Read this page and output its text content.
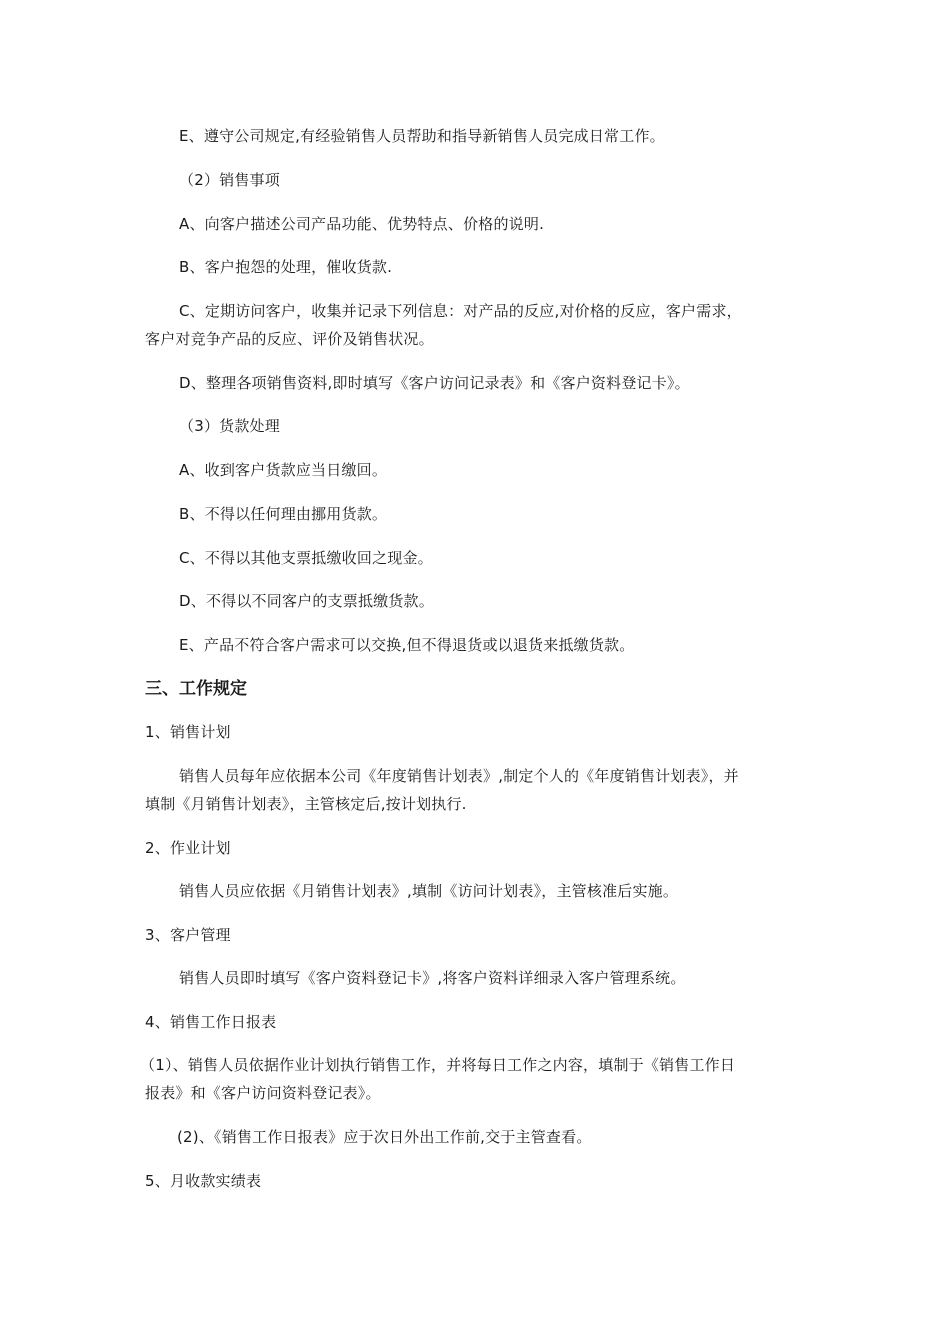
E、遵守公司规定,有经验销售人员帮助和指导新销售人员完成日常工作。
（2）销售事项
A、向客户描述公司产品功能、优势特点、价格的说明.
B、客户抱怨的处理，催收货款.
C、定期访问客户，收集并记录下列信息：对产品的反应,对价格的反应，客户需求，
客户对竞争产品的反应、评价及销售状况。
D、整理各项销售资料,即时填写《客户访问记录表》和《客户资料登记卡》。
（3）货款处理
A、收到客户货款应当日缴回。
B、不得以任何理由挪用货款。
C、不得以其他支票抵缴收回之现金。
D、不得以不同客户的支票抵缴货款。
E、产品不符合客户需求可以交换,但不得退货或以退货来抵缴货款。
三、工作规定
1、销售计划
销售人员每年应依据本公司《年度销售计划表》,制定个人的《年度销售计划表》，并
填制《月销售计划表》，主管核定后,按计划执行.
2、作业计划
销售人员应依据《月销售计划表》,填制《访问计划表》，主管核准后实施。
3、客户管理
销售人员即时填写《客户资料登记卡》,将客户资料详细录入客户管理系统。
4、销售工作日报表
（1）、销售人员依据作业计划执行销售工作，并将每日工作之内容，填制于《销售工作日
报表》和《客户访问资料登记表》。
(2)、《销售工作日报表》应于次日外出工作前,交于主管查看。
5、月收款实绩表
